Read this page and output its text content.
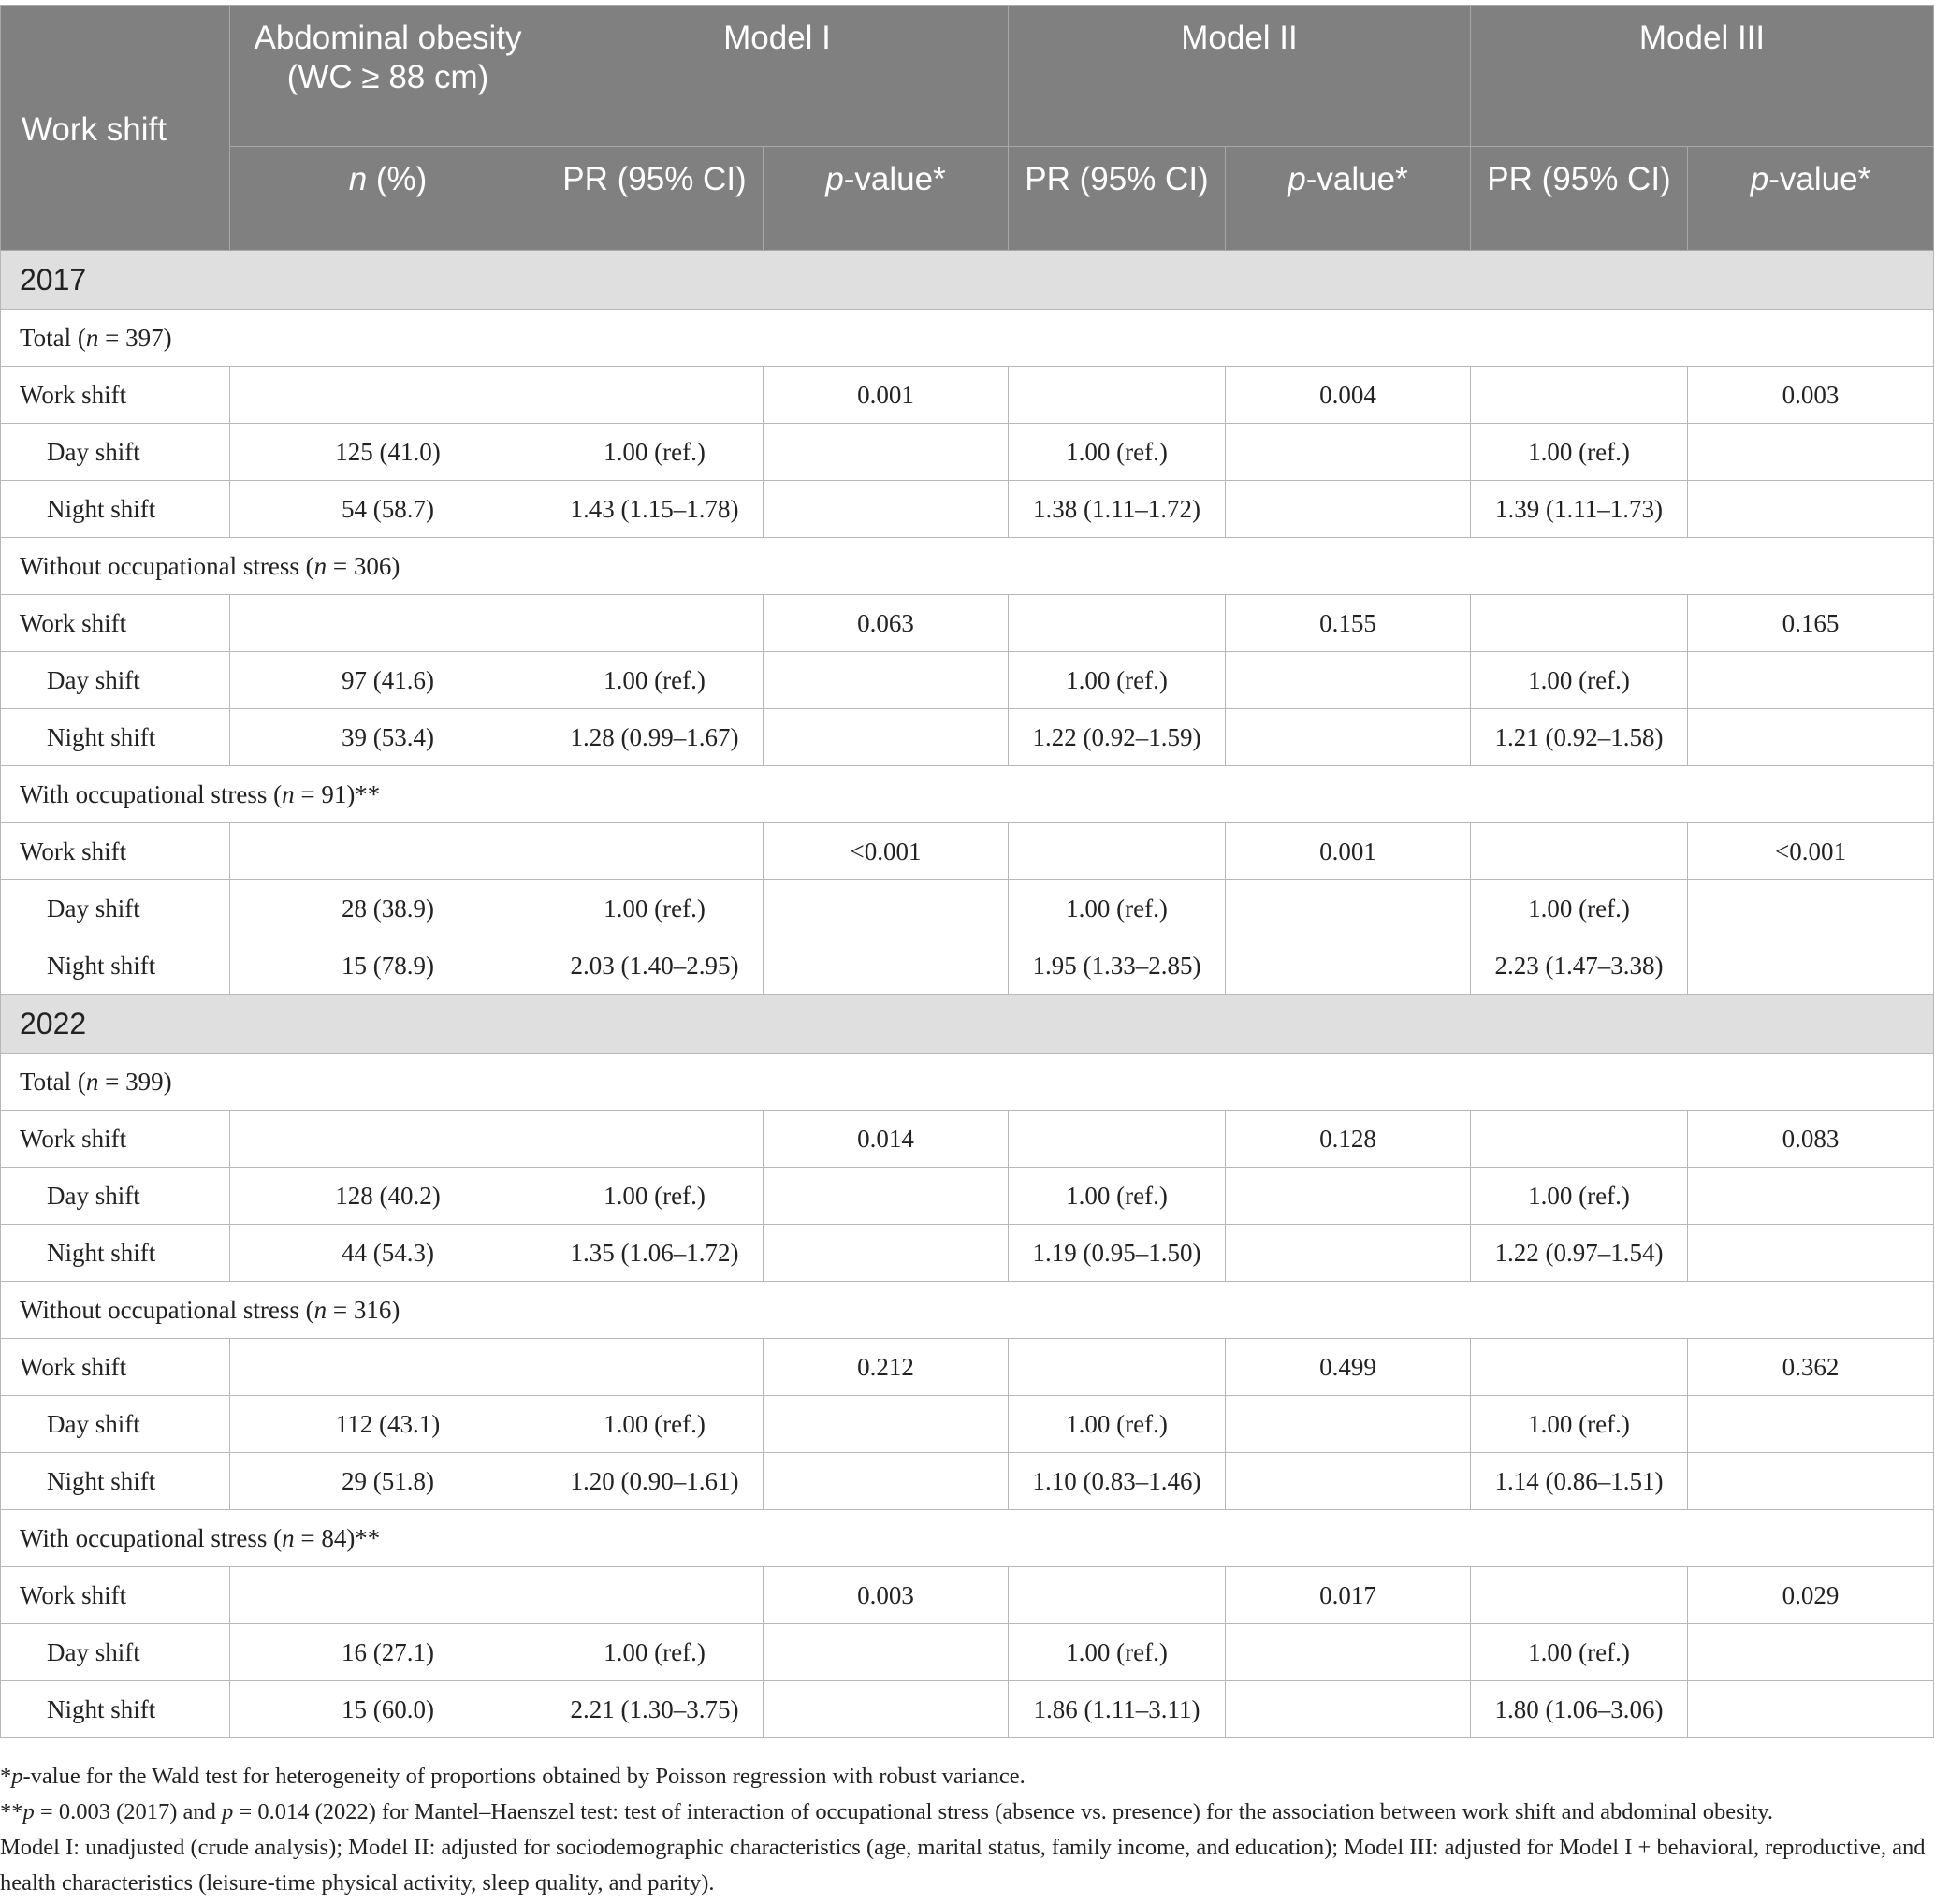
Work shift	Abdominal obesity (WC ≥ 88 cm)	Model I		Model II		Model III	
	n (%)	PR (95% CI)	p-value*	PR (95% CI)	p-value*	PR (95% CI)	p-value*
2017							
Total (n = 397)							
Work shift			0.001		0.004		0.003
Day shift	125 (41.0)	1.00 (ref.)		1.00 (ref.)		1.00 (ref.)	
Night shift	54 (58.7)	1.43 (1.15–1.78)		1.38 (1.11–1.72)		1.39 (1.11–1.73)	
Without occupational stress (n = 306)							
Work shift			0.063		0.155		0.165
Day shift	97 (41.6)	1.00 (ref.)		1.00 (ref.)		1.00 (ref.)	
Night shift	39 (53.4)	1.28 (0.99–1.67)		1.22 (0.92–1.59)		1.21 (0.92–1.58)	
With occupational stress (n = 91)**							
Work shift			<0.001		0.001		<0.001
Day shift	28 (38.9)	1.00 (ref.)		1.00 (ref.)		1.00 (ref.)	
Night shift	15 (78.9)	2.03 (1.40–2.95)		1.95 (1.33–2.85)		2.23 (1.47–3.38)	
2022							
Total (n = 399)							
Work shift			0.014		0.128		0.083
Day shift	128 (40.2)	1.00 (ref.)		1.00 (ref.)		1.00 (ref.)	
Night shift	44 (54.3)	1.35 (1.06–1.72)		1.19 (0.95–1.50)		1.22 (0.97–1.54)	
Without occupational stress (n = 316)							
Work shift			0.212		0.499		0.362
Day shift	112 (43.1)	1.00 (ref.)		1.00 (ref.)		1.00 (ref.)	
Night shift	29 (51.8)	1.20 (0.90–1.61)		1.10 (0.83–1.46)		1.14 (0.86–1.51)	
With occupational stress (n = 84)**							
Work shift			0.003		0.017		0.029
Day shift	16 (27.1)	1.00 (ref.)		1.00 (ref.)		1.00 (ref.)	
Night shift	15 (60.0)	2.21 (1.30–3.75)		1.86 (1.11–3.11)		1.80 (1.06–3.06)	

*p-value for the Wald test for heterogeneity of proportions obtained by Poisson regression with robust variance.

**p = 0.003 (2017) and p = 0.014 (2022) for Mantel–Haenszel test: test of interaction of occupational stress (absence vs. presence) for the association between work shift and abdominal obesity.

Model I: unadjusted (crude analysis); Model II: adjusted for sociodemographic characteristics (age, marital status, family income, and education); Model III: adjusted for Model I + behavioral, reproductive, and health characteristics (leisure-time physical activity, sleep quality, and parity).
